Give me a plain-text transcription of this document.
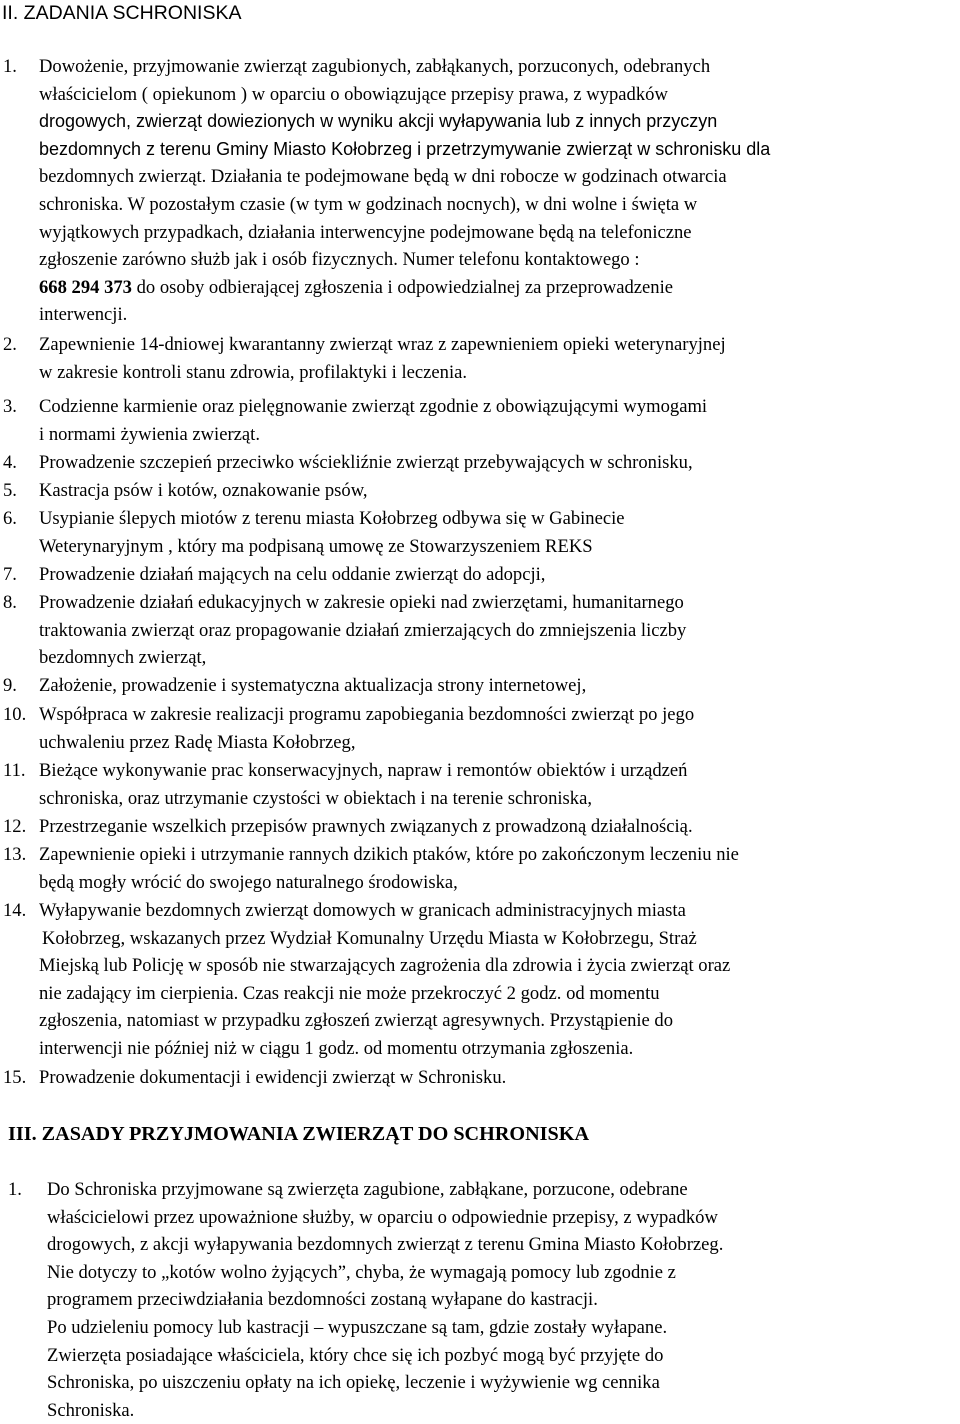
II. ZADANIA SCHRONISKA
1. Dowożenie, przyjmowanie zwierząt zagubionych, zabłąkanych, porzuconych, odebranych
właścicielom ( opiekunom ) w oparciu o obowiązujące przepisy prawa, z wypadków
drogowych, zwierząt dowiezionych w wyniku akcji wyłapywania lub z innych przyczyn
bezdomnych z terenu Gminy Miasto Kołobrzeg i przetrzymywanie zwierząt w schronisku dla
bezdomnych zwierząt. Działania te podejmowane będą w dni robocze w godzinach otwarcia
schroniska. W pozostałym czasie (w tym w godzinach nocnych), w dni wolne i święta w
wyjątkowych przypadkach, działania interwencyjne podejmowane będą na telefoniczne
zgłoszenie zarówno służb jak i osób fizycznych. Numer telefonu kontaktowego :
668 294 373 do osoby odbierającej zgłoszenia i odpowiedzialnej za przeprowadzenie
interwencji.
2. Zapewnienie 14-dniowej kwarantanny zwierząt wraz z zapewnieniem opieki weterynaryjnej
w zakresie kontroli stanu zdrowia, profilaktyki i leczenia.
3. Codzienne karmienie oraz pielęgnowanie zwierząt zgodnie z obowiązującymi wymogami
i normami żywienia zwierząt.
4. Prowadzenie szczepień przeciwko wściekliźnie zwierząt przebywających w schronisku,
5. Kastracja psów i kotów, oznakowanie psów,
6. Usypianie ślepych miotów z terenu miasta Kołobrzeg odbywa się w Gabinecie
Weterynaryjnym , który ma podpisaną umowę ze Stowarzyszeniem REKS
7. Prowadzenie działań mających na celu oddanie zwierząt do adopcji,
8. Prowadzenie działań edukacyjnych w zakresie opieki nad zwierzętami, humanitarnego
traktowania zwierząt oraz propagowanie działań zmierzających do zmniejszenia liczby
bezdomnych zwierząt,
9. Założenie, prowadzenie i systematyczna aktualizacja strony internetowej,
10. Współpraca w zakresie realizacji programu zapobiegania bezdomności zwierząt po jego
uchwaleniu przez Radę Miasta Kołobrzeg,
11. Bieżące wykonywanie prac konserwacyjnych, napraw i remontów obiektów i urządzeń
schroniska, oraz utrzymanie czystości w obiektach i na terenie schroniska,
12. Przestrzeganie wszelkich przepisów prawnych związanych z prowadzoną działalnością.
13. Zapewnienie opieki i utrzymanie rannych dzikich ptaków, które po zakończonym leczeniu nie
będą mogły wrócić do swojego naturalnego środowiska,
14. Wyłapywanie bezdomnych zwierząt domowych w granicach administracyjnych miasta
Kołobrzeg, wskazanych przez Wydział Komunalny Urzędu Miasta w Kołobrzegu, Straż
Miejską lub Policję w sposób nie stwarzających zagrożenia dla zdrowia i życia zwierząt oraz
nie zadający im cierpienia. Czas reakcji nie może przekroczyć 2 godz. od momentu
zgłoszenia, natomiast w przypadku zgłoszeń zwierząt agresywnych. Przystąpienie do
interwencji nie później niż w ciągu 1 godz. od momentu otrzymania zgłoszenia.
15. Prowadzenie dokumentacji i ewidencji zwierząt w Schronisku.
III. ZASADY PRZYJMOWANIA ZWIERZĄT DO SCHRONISKA
1. Do Schroniska przyjmowane są zwierzęta zagubione, zabłąkane, porzucone, odebrane
właścicielowi przez upoważnione służby, w oparciu o odpowiednie przepisy, z wypadków
drogowych, z akcji wyłapywania bezdomnych zwierząt z terenu Gmina Miasto Kołobrzeg.
Nie dotyczy to „kotów wolno żyjących”, chyba, że wymagają pomocy lub zgodnie z
programem przeciwdziałania bezdomności zostaną wyłapane do kastracji.
Po udzieleniu pomocy lub kastracji – wypuszczane są tam, gdzie zostały wyłapane.
Zwierzęta posiadające właściciela, który chce się ich pozbyć mogą być przyjęte do
Schroniska, po uiszczeniu opłaty na ich opiekę, leczenie i wyżywienie wg cennika
Schroniska.
